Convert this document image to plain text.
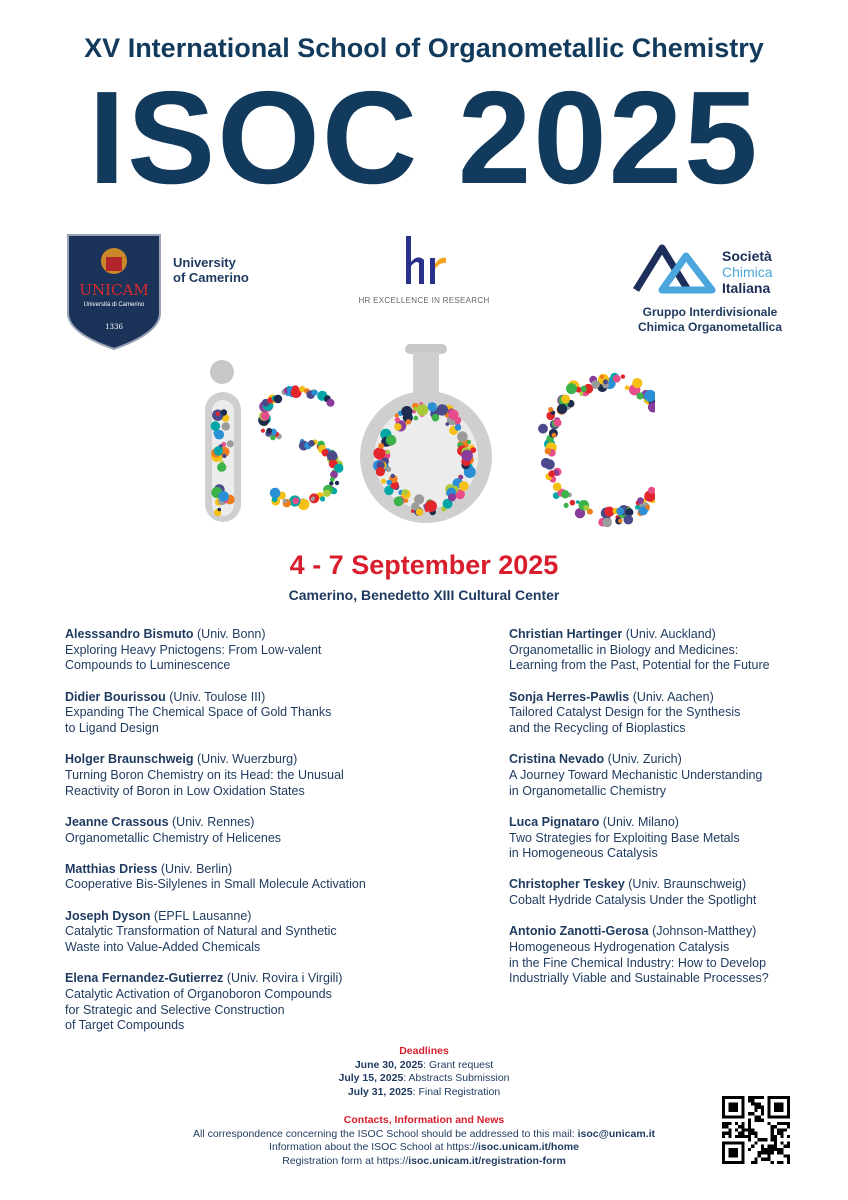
XV International School of Organometallic Chemistry
ISOC 2025
UNICAM
Università di Camerino
1336
University
of Camerino
HR EXCELLENCE IN RESEARCH
Società
Chimica
Italiana
Gruppo Interdivisionale
Chimica Organometallica
4 - 7 September 2025
Camerino, Benedetto XIII Cultural Center
Alesssandro Bismuto (Univ. Bonn)
Exploring Heavy Pnictogens: From Low-valent
Compounds to Luminescence
Didier Bourissou (Univ. Toulose III)
Expanding The Chemical Space of Gold Thanks
to Ligand Design
Holger Braunschweig (Univ. Wuerzburg)
Turning Boron Chemistry on its Head: the Unusual
Reactivity of Boron in Low Oxidation States
Jeanne Crassous (Univ. Rennes)
Organometallic Chemistry of Helicenes
Matthias Driess (Univ. Berlin)
Cooperative Bis-Silylenes in Small Molecule Activation
Joseph Dyson (EPFL Lausanne)
Catalytic Transformation of Natural and Synthetic
Waste into Value-Added Chemicals
Elena Fernandez-Gutierrez (Univ. Rovira i Virgili)
Catalytic Activation of Organoboron Compounds
for Strategic and Selective Construction
of Target Compounds
Christian Hartinger (Univ. Auckland)
Organometallic in Biology and Medicines:
Learning from the Past, Potential for the Future
Sonja Herres-Pawlis (Univ. Aachen)
Tailored Catalyst Design for the Synthesis
and the Recycling of Bioplastics
Cristina Nevado (Univ. Zurich)
A Journey Toward Mechanistic Understanding
in Organometallic Chemistry
Luca Pignataro (Univ. Milano)
Two Strategies for Exploiting Base Metals
in Homogeneous Catalysis
Christopher Teskey (Univ. Braunschweig)
Cobalt Hydride Catalysis Under the Spotlight
Antonio Zanotti-Gerosa (Johnson-Matthey)
Homogeneous Hydrogenation Catalysis
in the Fine Chemical Industry: How to Develop
Industrially Viable and Sustainable Processes?
Deadlines
June 30, 2025: Grant request
July 15, 2025: Abstracts Submission
July 31, 2025: Final Registration
Contacts, Information and News
All correspondence concerning the ISOC School should be addressed to this mail: isoc@unicam.it
Information about the ISOC School at https://isoc.unicam.it/home
Registration form at https://isoc.unicam.it/registration-form
